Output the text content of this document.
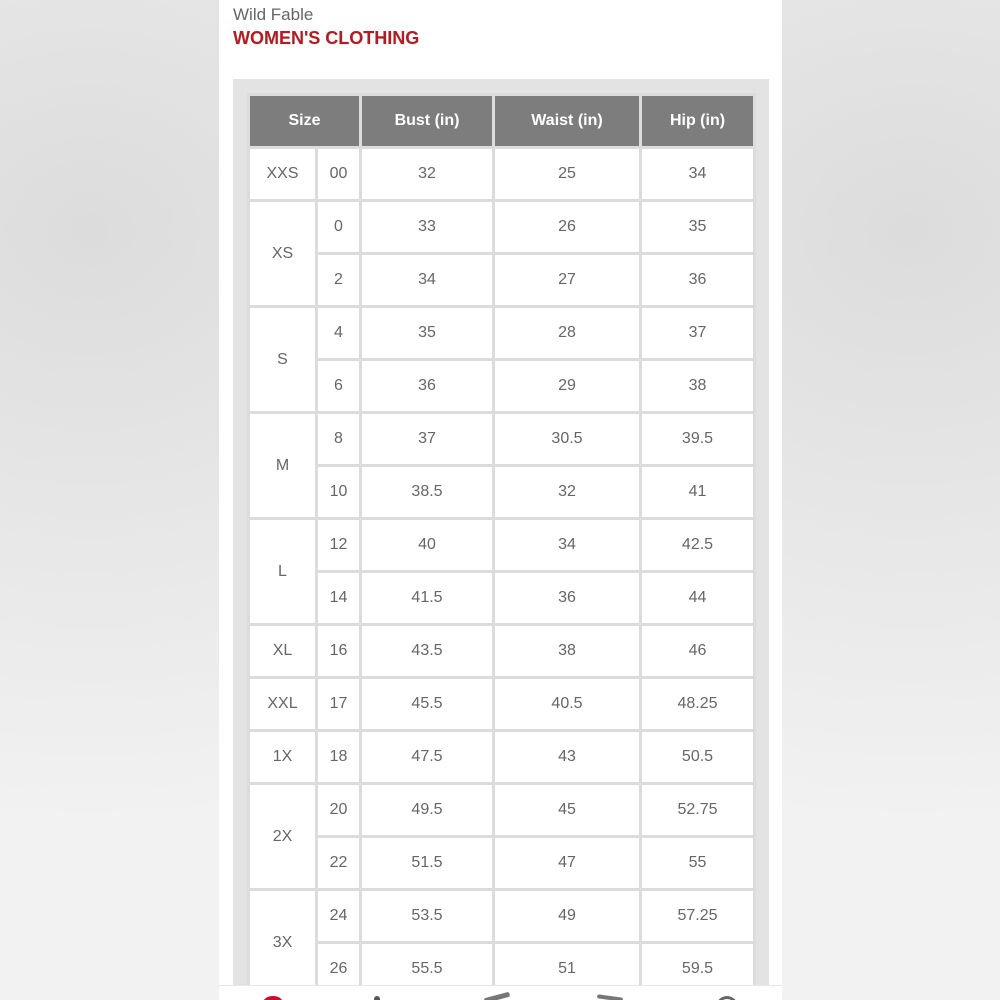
Wild Fable
WOMEN'S CLOTHING
Size		Bust (in)	Waist (in)	Hip (in)
XXS	00	32	25	34
XS	0	33	26	35
	2	34	27	36
S	4	35	28	37
	6	36	29	38
M	8	37	30.5	39.5
	10	38.5	32	41
L	12	40	34	42.5
	14	41.5	36	44
XL	16	43.5	38	46
XXL	17	45.5	40.5	48.25
1X	18	47.5	43	50.5
2X	20	49.5	45	52.75
	22	51.5	47	55
3X	24	53.5	49	57.25
	26	55.5	51	59.5
